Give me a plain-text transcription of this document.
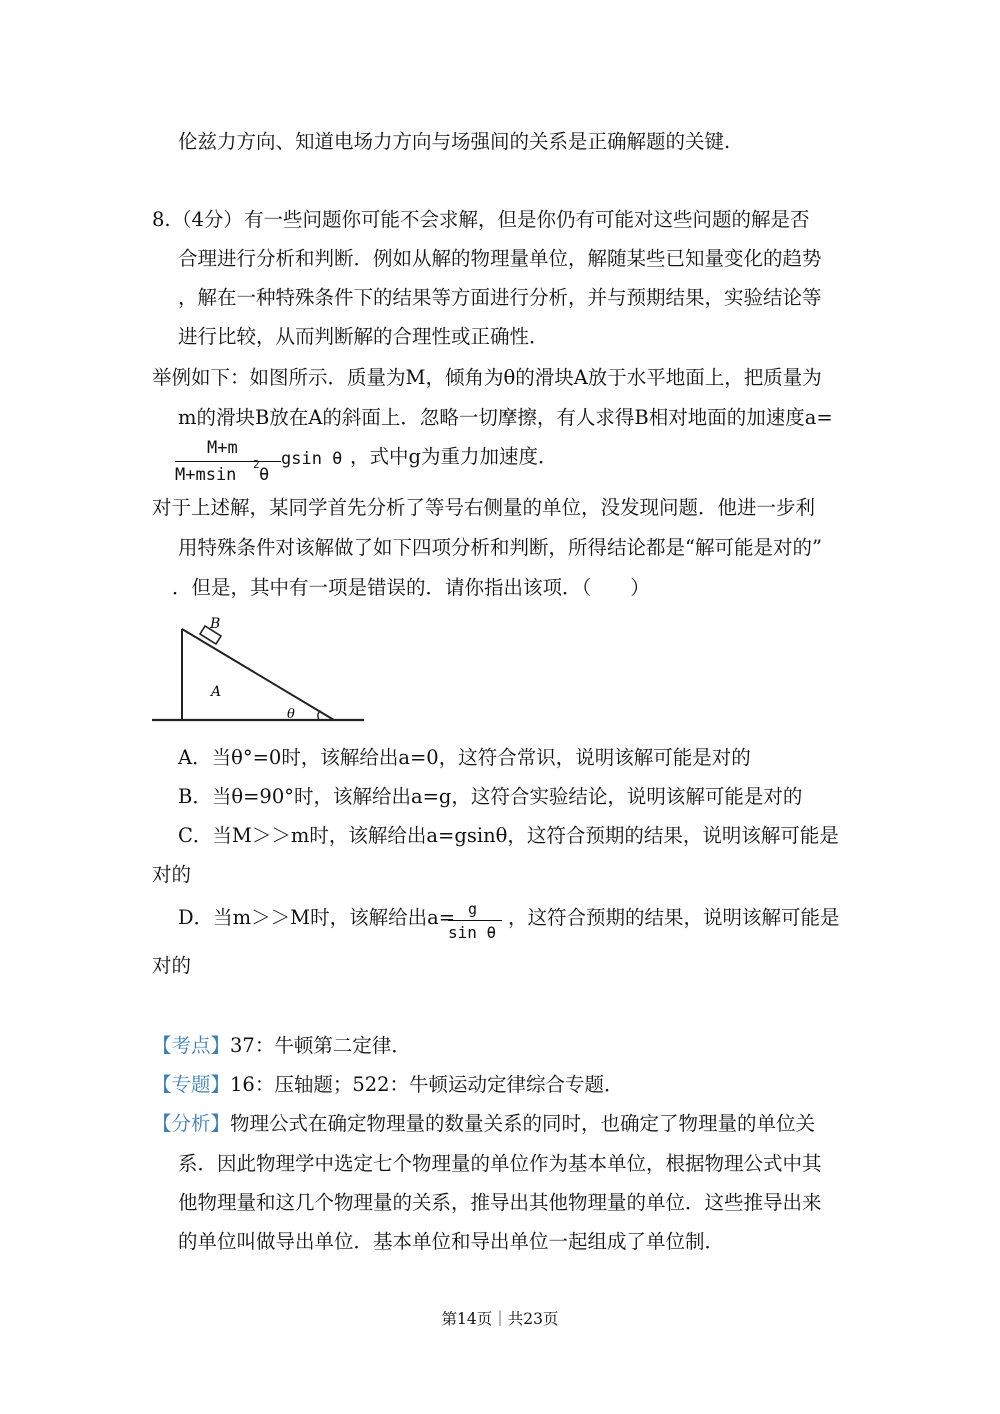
伦兹力方向、知道电场力方向与场强间的关系是正确解题的关键.
8. （4分） 有一些问题你可能不会求解，但是你仍有可能对这些问题的解是否
合理进行分析和判断．例如从解的物理量单位，解随某些已知量变化的趋势
，解在一种特殊条件下的结果等方面进行分析，并与预期结果，实验结论等
进行比较，从而判断解的合理性或正确性．
举例如下：如图所示．质量为M，倾角为θ的滑块A放于水平地面上，把质量为
m的滑块B放在A的斜面上．忽略一切摩擦，有人求得B相对地面的加速度a=
M+m
M+msin
2
θ
gsin θ ，式中g为重力加速度．
对于上述解，某同学首先分析了等号右侧量的单位，没发现问题．他进一步利
用特殊条件对该解做了如下四项分析和判断，所得结论都是“解可能是对的”
．但是，其中有一项是错误的．请你指出该项．（　　）
B
A
θ
A．当θ°=0时，该解给出a=0，这符合常识，说明该解可能是对的
B．当θ=90°时，该解给出a=g，这符合实验结论，说明该解可能是对的
C．当M＞＞m时，该解给出a=gsinθ，这符合预期的结果，说明该解可能是
对的
D．当m＞＞M时，该解给出a= g
sin θ
，这符合预期的结果，说明该解可能是
对的
【考点】37：牛顿第二定律．
【专题】16：压轴题；522：牛顿运动定律综合专题．
【分析】物理公式在确定物理量的数量关系的同时，也确定了物理量的单位关
系．因此物理学中选定七个物理量的单位作为基本单位，根据物理公式中其
他物理量和这几个物理量的关系，推导出其他物理量的单位．这些推导出来
的单位叫做导出单位．基本单位和导出单位一起组成了单位制．
第14页｜共23页
